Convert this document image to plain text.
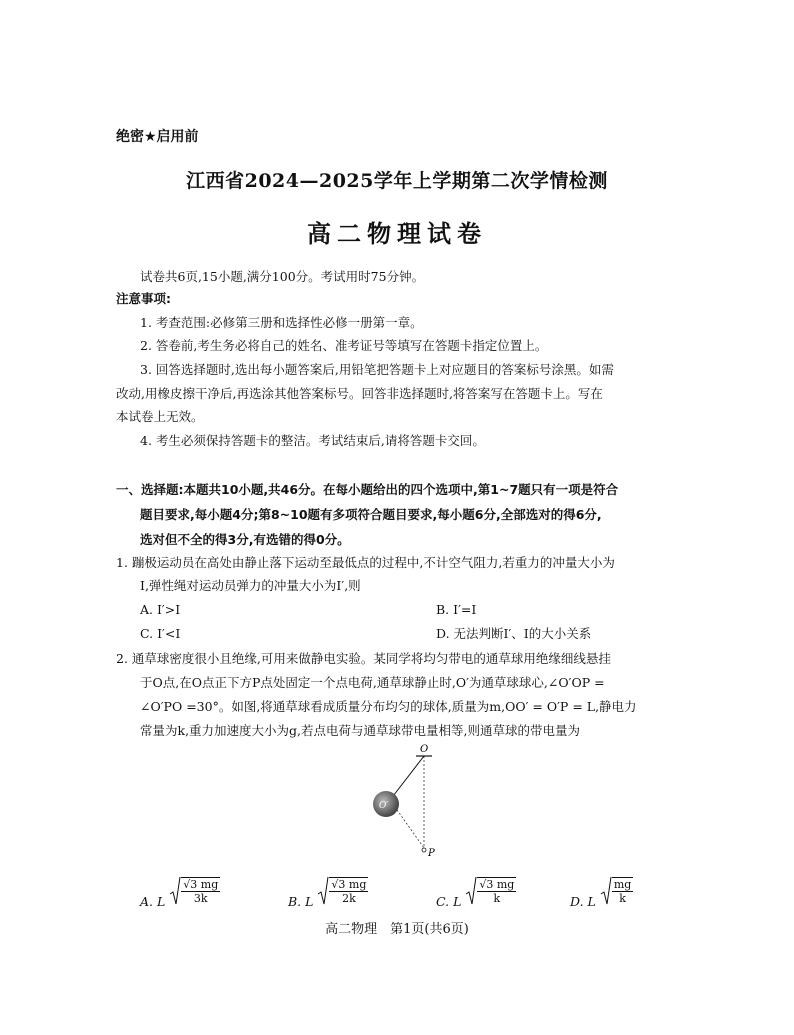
绝密★启用前
江西省2024—2025学年上学期第二次学情检测
高二物理试卷
试卷共6页,15小题,满分100分。考试用时75分钟。
注意事项:
1. 考查范围:必修第三册和选择性必修一册第一章。
2. 答卷前,考生务必将自己的姓名、准考证号等填写在答题卡指定位置上。
3. 回答选择题时,选出每小题答案后,用铅笔把答题卡上对应题目的答案标号涂黑。如需
改动,用橡皮擦干净后,再选涂其他答案标号。回答非选择题时,将答案写在答题卡上。写在
本试卷上无效。
4. 考生必须保持答题卡的整洁。考试结束后,请将答题卡交回。
一、选择题:本题共10小题,共46分。在每小题给出的四个选项中,第1~7题只有一项是符合
题目要求,每小题4分;第8~10题有多项符合题目要求,每小题6分,全部选对的得6分,
选对但不全的得3分,有选错的得0分。
1. 蹦极运动员在高处由静止落下运动至最低点的过程中,不计空气阻力,若重力的冲量大小为
I,弹性绳对运动员弹力的冲量大小为I′,则
A. I′>I	B. I′=I
C. I′<I	D. 无法判断I′、I的大小关系
2. 通草球密度很小且绝缘,可用来做静电实验。某同学将均匀带电的通草球用绝缘细线悬挂
于O点,在O点正下方P点处固定一个点电荷,通草球静止时,O′为通草球球心,∠O′OP =
∠O′PO =30°。如图,将通草球看成质量分布均匀的球体,质量为m,OO′ = O′P = L,静电力
常量为k,重力加速度大小为g,若点电荷与通草球带电量相等,则通草球的带电量为
O
O′
P
A. L $\frac{√3 mg}{3k}$	B. L $\frac{√3 mg}{2k}$	C. L $\frac{√3 mg}{k}$	D. L $\frac{mg}{k}$
高二物理　第1页(共6页)
